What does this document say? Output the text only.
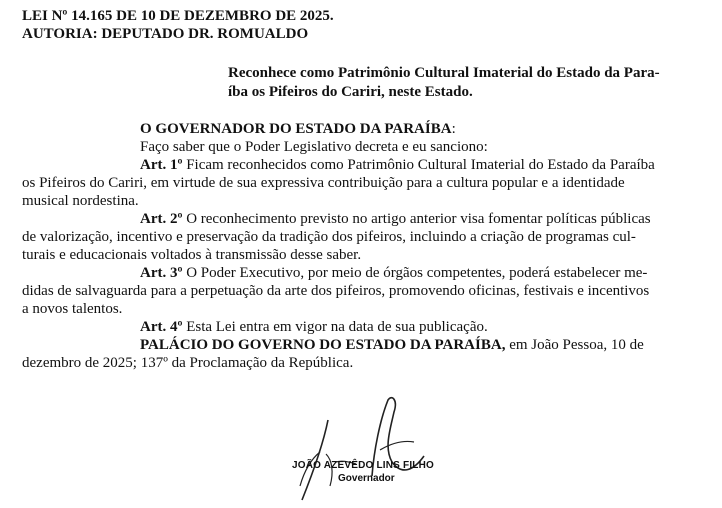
LEI Nº 14.165 DE 10 DE DEZEMBRO DE 2025.
AUTORIA: DEPUTADO DR. ROMUALDO

Reconhece como Patrimônio Cultural Imaterial do Estado da Para-

íba os Pifeiros do Cariri, neste Estado.

O GOVERNADOR DO ESTADO DA PARAÍBA:

Faço saber que o Poder Legislativo decreta e eu sanciono:

Art. 1º Ficam reconhecidos como Patrimônio Cultural Imaterial do Estado da Paraíba

os Pifeiros do Cariri, em virtude de sua expressiva contribuição para a cultura popular e a identidade

musical nordestina.

Art. 2º O reconhecimento previsto no artigo anterior visa fomentar políticas públicas

de valorização, incentivo e preservação da tradição dos pifeiros, incluindo a criação de programas cul-

turais e educacionais voltados à transmissão desse saber.

Art. 3º O Poder Executivo, por meio de órgãos competentes, poderá estabelecer me-

didas de salvaguarda para a perpetuação da arte dos pifeiros, promovendo oficinas, festivais e incentivos

a novos talentos.

Art. 4º Esta Lei entra em vigor na data de sua publicação.

PALÁCIO DO GOVERNO DO ESTADO DA PARAÍBA, em João Pessoa, 10 de

dezembro de 2025; 137º da Proclamação da República.

JOÃO AZEVÊDO LINS FILHO
Governador
